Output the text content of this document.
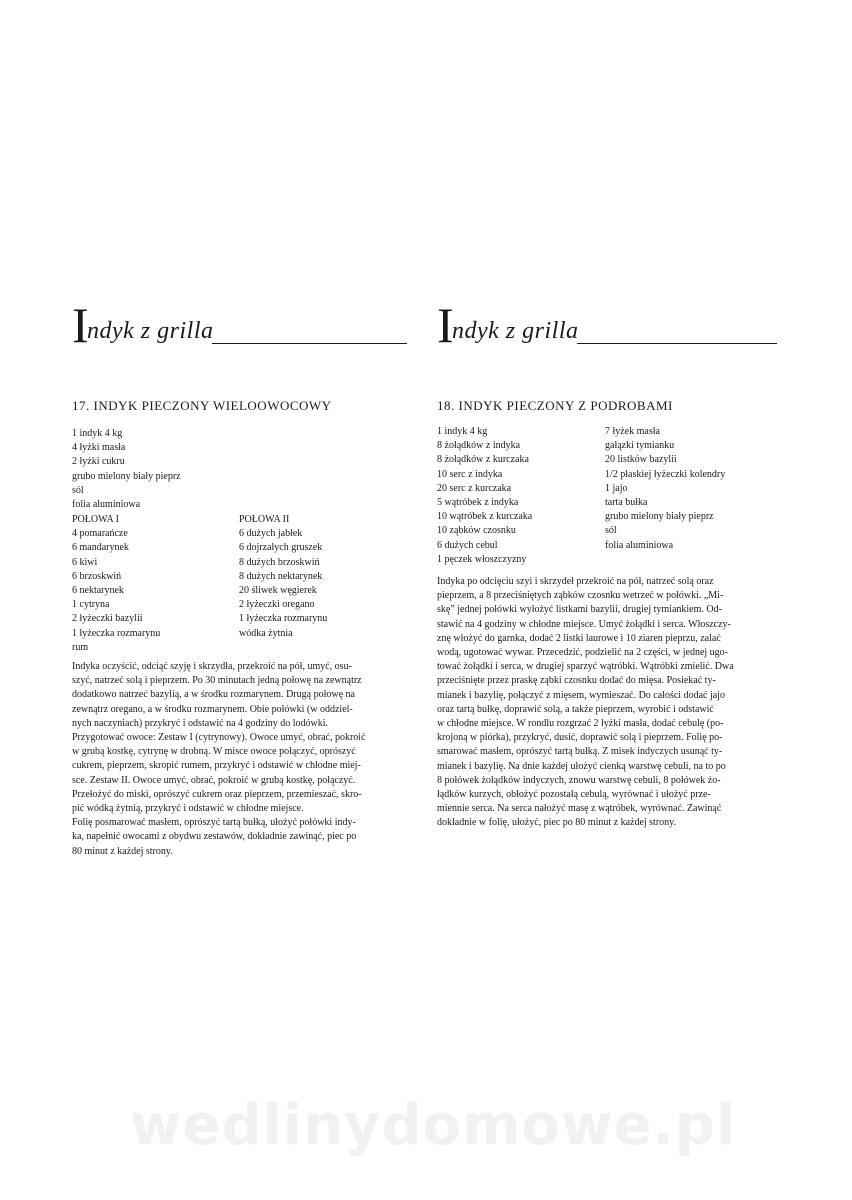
I
ndyk z grilla
17. INDYK PIECZONY WIELOOWOCOWY
1 indyk 4 kg
4 łyżki masła
2 łyżki cukru
grubo mielony biały pieprz
sól
folia aluminiowa
POŁOWA I
4 pomarańcze
6 mandarynek
6 kiwi
6 brzoskwiń
6 nektarynek
1 cytryna
2 łyżeczki bazylii
1 łyżeczka rozmarynu
rum
POŁOWA II
6 dużych jabłek
6 dojrzałych gruszek
8 dużych brzoskwiń
8 dużych nektarynek
20 śliwek węgierek
2 łyżeczki oregano
1 łyżeczka rozmarynu
wódka żytnia
Indyka oczyścić, odciąć szyję i skrzydła, przekroić na pół, umyć, osu-
szyć, natrzeć solą i pieprzem. Po 30 minutach jedną połowę na zewnątrz
dodatkowo natrzeć bazylią, a w środku rozmarynem. Drugą połowę na
zewnątrz oregano, a w środku rozmarynem. Obie połówki (w oddziel-
nych naczyniach) przykryć i odstawić na 4 godziny do lodówki.
Przygotować owoce: Zestaw I (cytrynowy). Owoce umyć, obrać, pokroić
w grubą kostkę, cytrynę w drobną. W misce owoce połączyć, oprószyć
cukrem, pieprzem, skropić rumem, przykryć i odstawić w chłodne miej-
sce. Zestaw II. Owoce umyć, obrać, pokroić w grubą kostkę, połączyć.
Przełożyć do miski, oprószyć cukrem oraz pieprzem, przemieszać, skro-
pić wódką żytnią, przykryć i odstawić w chłodne miejsce.
Folię posmarować masłem, oprószyć tartą bułką, ułożyć połówki indy-
ka, napełnić owocami z obydwu zestawów, dokładnie zawinąć, piec po
80 minut z każdej strony.
I
ndyk z grilla
18. INDYK PIECZONY Z PODROBAMI
1 indyk 4 kg
8 żołądków z indyka
8 żołądków z kurczaka
10 serc z indyka
20 serc z kurczaka
5 wątróbek z indyka
10 wątróbek z kurczaka
10 ząbków czosnku
6 dużych cebul
1 pęczek włoszczyzny
7 łyżek masła
gałązki tymianku
20 listków bazylii
1/2 płaskiej łyżeczki kolendry
1 jajo
tarta bułka
grubo mielony biały pieprz
sól
folia aluminiowa
Indyka po odcięciu szyi i skrzydeł przekroić na pół, natrzeć solą oraz
pieprzem, a 8 przeciśniętych ząbków czosnku wetrzeć w połówki. „Mi-
skę” jednej połówki wyłożyć listkami bazylii, drugiej tymiankiem. Od-
stawić na 4 godziny w chłodne miejsce. Umyć żołądki i serca. Włoszczy-
znę włożyć do garnka, dodać 2 listki laurowe i 10 ziaren pieprzu, zalać
wodą, ugotować wywar. Przecedzić, podzielić na 2 części, w jednej ugo-
tować żołądki i serca, w drugiej sparzyć wątróbki. Wątróbki zmielić. Dwa
przeciśnięte przez praskę ząbki czosnku dodać do mięsa. Posiekać ty-
mianek i bazylię, połączyć z mięsem, wymieszać. Do całości dodać jajo
oraz tartą bułkę, doprawić solą, a także pieprzem, wyrobić i odstawić
w chłodne miejsce. W rondlu rozgrzać 2 łyżki masła, dodać cebulę (po-
krojoną w piórka), przykryć, dusić, doprawić solą i pieprzem. Folię po-
smarować masłem, oprószyć tartą bułką. Z misek indyczych usunąć ty-
mianek i bazylię. Na dnie każdej ułożyć cienką warstwę cebuli, na to po
8 połówek żołądków indyczych, znowu warstwę cebuli, 8 połówek żo-
łądków kurzych, obłożyć pozostałą cebulą, wyrównać i ułożyć prze-
miennie serca. Na serca nałożyć masę z wątróbek, wyrównać. Zawinąć
dokładnie w folię, ułożyć, piec po 80 minut z każdej strony.
wedlinydomowe.pl
